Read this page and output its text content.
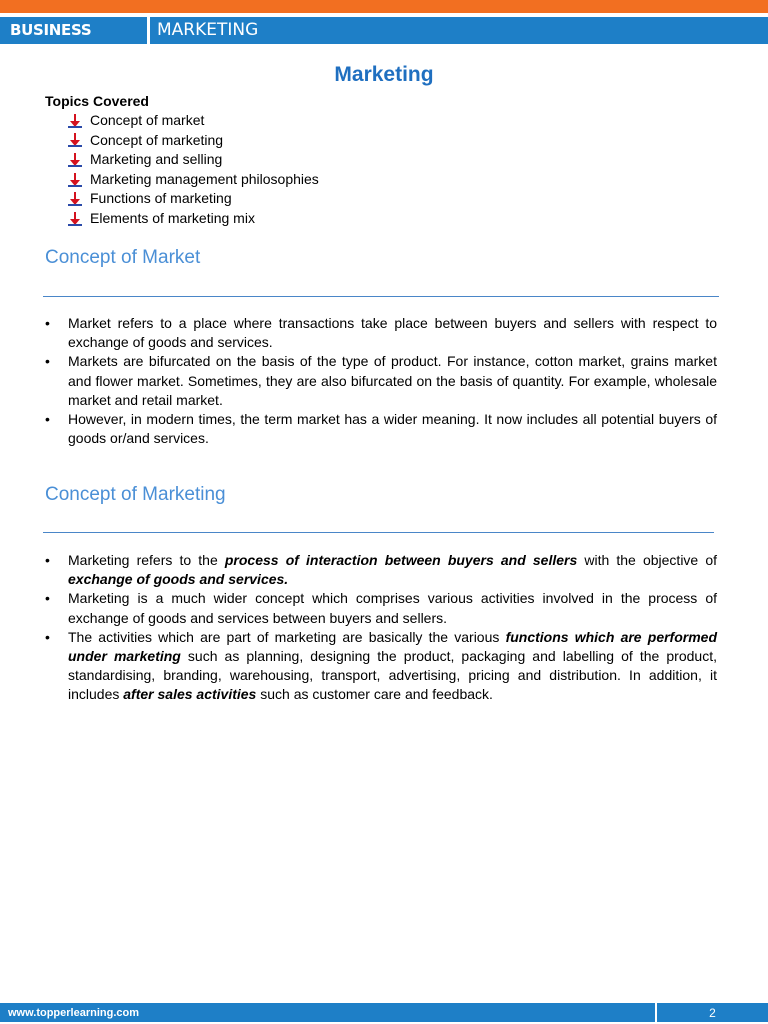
BUSINESS STUDIES
MARKETING
Marketing
Topics Covered
Concept of market
Concept of marketing
Marketing and selling
Marketing management philosophies
Functions of marketing
Elements of marketing mix
Concept of Market
• Market refers to a place where transactions take place between buyers and sellers with respect to exchange of goods and services.
• Markets are bifurcated on the basis of the type of product. For instance, cotton market, grains market and flower market. Sometimes, they are also bifurcated on the basis of quantity. For example, wholesale market and retail market.
• However, in modern times, the term market has a wider meaning. It now includes all potential buyers of goods or/and services.
Concept of Marketing
• Marketing refers to the process of interaction between buyers and sellers with the objective of exchange of goods and services.
• Marketing is a much wider concept which comprises various activities involved in the process of exchange of goods and services between buyers and sellers.
• The activities which are part of marketing are basically the various functions which are performed under marketing such as planning, designing the product, packaging and labelling of the product, standardising, branding, warehousing, transport, advertising, pricing and distribution. In addition, it includes after sales activities such as customer care and feedback.
www.topperlearning.com	2
